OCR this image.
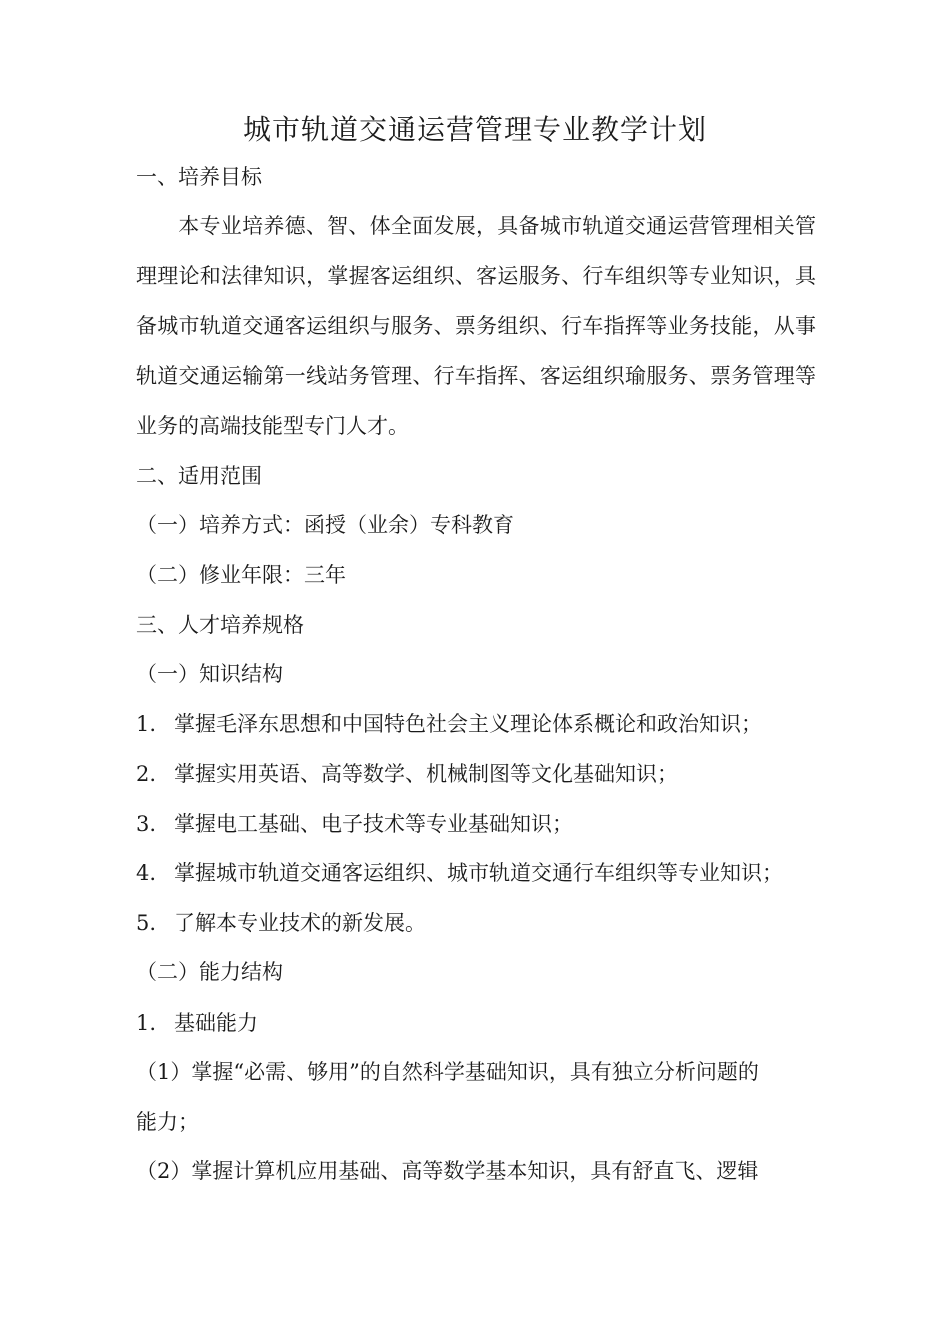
城市轨道交通运营管理专业教学计划
一、培养目标
本专业培养德、智、体全面发展，具备城市轨道交通运营管理相关管理理论和法律知识，掌握客运组织、客运服务、行车组织等专业知识，具备城市轨道交通客运组织与服务、票务组织、行车指挥等业务技能，从事轨道交通运输第一线站务管理、行车指挥、客运组织瑜服务、票务管理等业务的高端技能型专门人才。
二、适用范围
（一）培养方式：函授（业余）专科教育
（二）修业年限：三年
三、人才培养规格
（一）知识结构
1. 掌握毛泽东思想和中国特色社会主义理论体系概论和政治知识；
2. 掌握实用英语、高等数学、机械制图等文化基础知识；
3. 掌握电工基础、电子技术等专业基础知识；
4. 掌握城市轨道交通客运组织、城市轨道交通行车组织等专业知识；
5. 了解本专业技术的新发展。
（二）能力结构
1. 基础能力
（1）掌握“必需、够用”的自然科学基础知识，具有独立分析问题的
能力；
（2）掌握计算机应用基础、高等数学基本知识，具有舒直飞、逻辑
